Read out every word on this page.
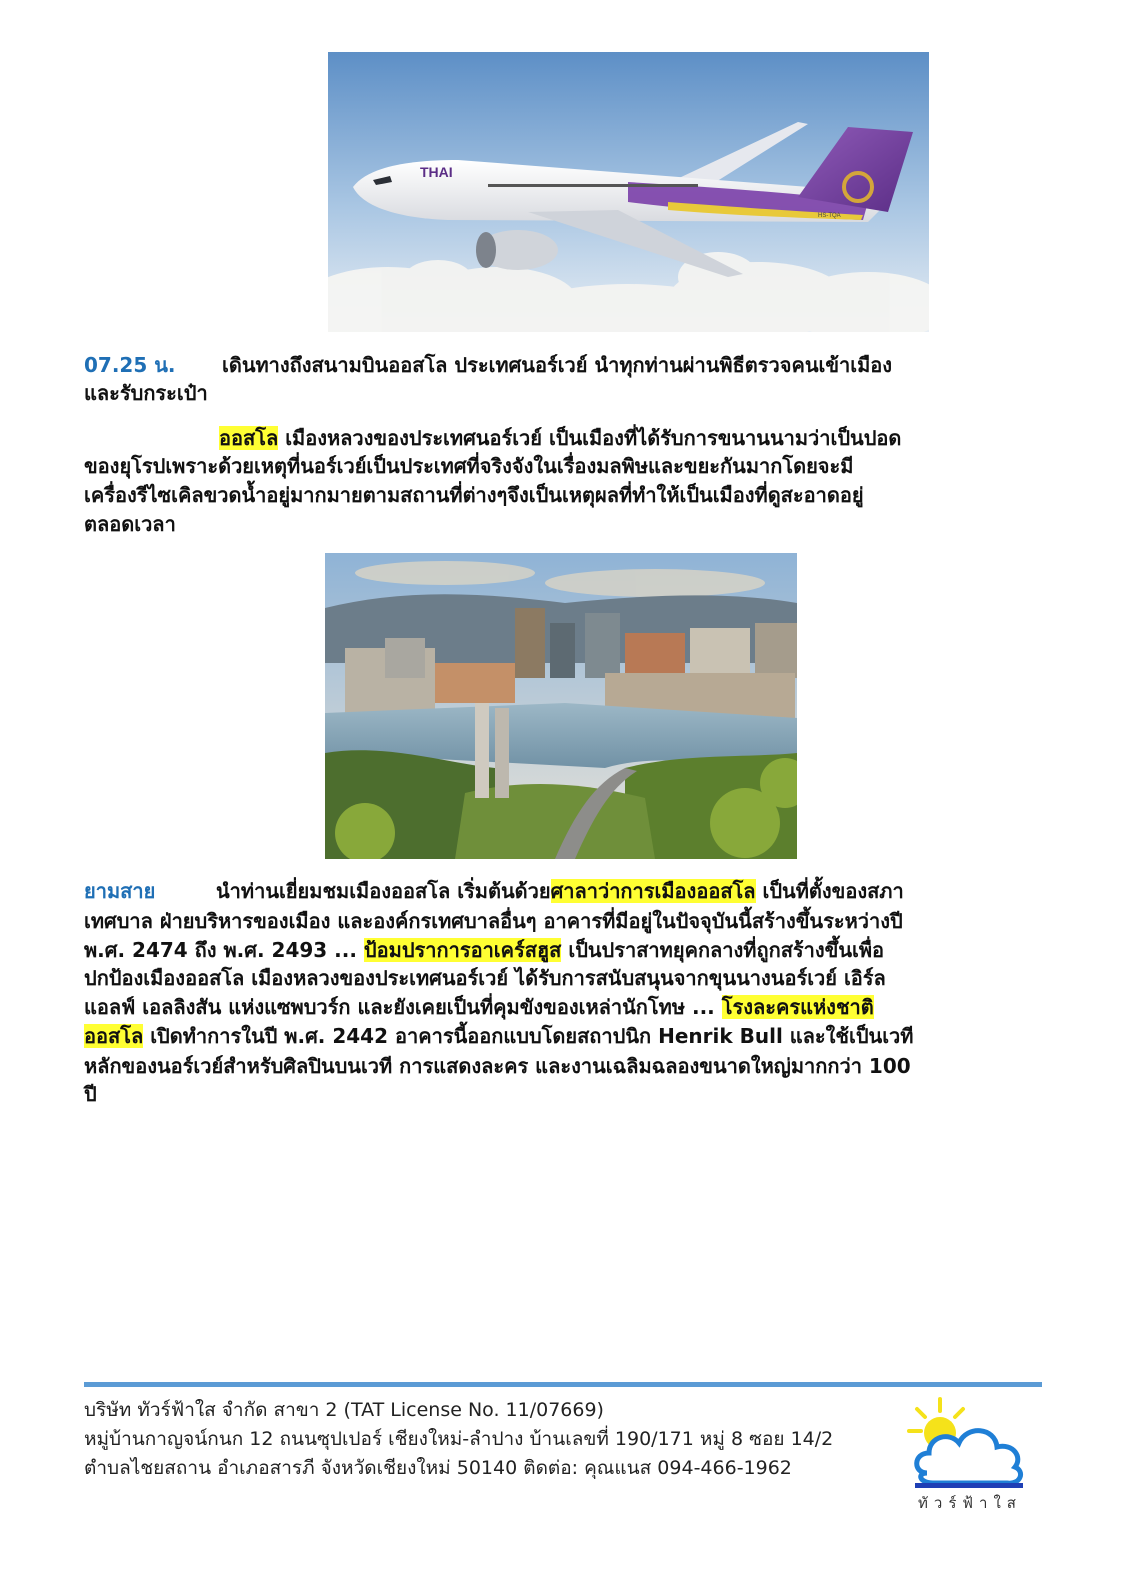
THAI
HS-TQA
07.25 น. เดินทางถึงสนามบินออสโล ประเทศนอร์เวย์ นำทุกท่านผ่านพิธีตรวจคนเข้าเมือง
และรับกระเป๋า
ออสโล เมืองหลวงของประเทศนอร์เวย์ เป็นเมืองที่ได้รับการขนานนามว่าเป็นปอด
ของยุโรปเพราะด้วยเหตุที่นอร์เวย์เป็นประเทศที่จริงจังในเรื่องมลพิษและขยะกันมากโดยจะมี
เครื่องรีไซเคิลขวดน้ำอยู่มากมายตามสถานที่ต่างๆจึงเป็นเหตุผลที่ทำให้เป็นเมืองที่ดูสะอาดอยู่
ตลอดเวลา
ยามสาย	นำท่านเยี่ยมชมเมืองออสโล เริ่มต้นด้วยศาลาว่าการเมืองออสโล เป็นที่ตั้งของสภา
เทศบาล ฝ่ายบริหารของเมือง และองค์กรเทศบาลอื่นๆ อาคารที่มีอยู่ในปัจจุบันนี้สร้างขึ้นระหว่างปี
พ.ศ. 2474 ถึง พ.ศ. 2493 ... ป้อมปราการอาเคร์สฮูส เป็นปราสาทยุคกลางที่ถูกสร้างขึ้นเพื่อ
ปกป้องเมืองออสโล เมืองหลวงของประเทศนอร์เวย์ ได้รับการสนับสนุนจากขุนนางนอร์เวย์ เอิร์ล
แอลฟ์ เอลลิงสัน แห่งแซพบวร์ก และยังเคยเป็นที่คุมขังของเหล่านักโทษ ... โรงละครแห่งชาติ
ออสโล เปิดทำการในปี พ.ศ. 2442 อาคารนี้ออกแบบโดยสถาปนิก Henrik Bull และใช้เป็นเวที
หลักของนอร์เวย์สำหรับศิลปินบนเวที การแสดงละคร และงานเฉลิมฉลองขนาดใหญ่มากกว่า 100
ปี
บริษัท ทัวร์ฟ้าใส จำกัด สาขา 2 (TAT License No. 11/07669)
หมู่บ้านกาญจน์กนก 12 ถนนซุปเปอร์ เชียงใหม่-ลำปาง บ้านเลขที่ 190/171 หมู่ 8 ซอย 14/2
ตำบลไชยสถาน อำเภอสารภี จังหวัดเชียงใหม่ 50140 ติดต่อ: คุณแนส 094-466-1962
ทัวร์ฟ้าใส
